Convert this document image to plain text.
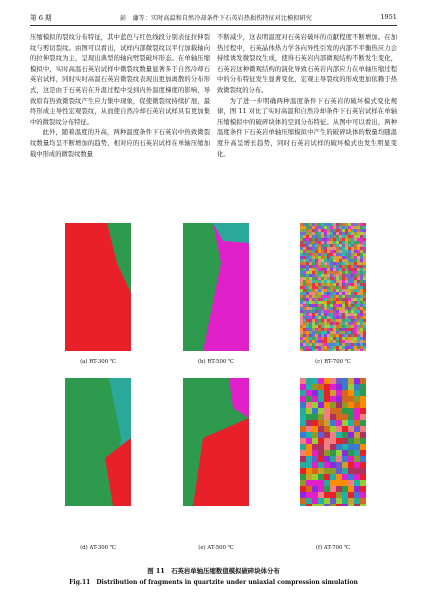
第 6 期	彭　瀟等：实时高温和自然冷却条件下石英岩热损伤特征对比模拟研究	1951

压缩模拟的裂纹分布特征，其中蓝色与红色线段分别表征拉伸裂纹与剪切裂纹。由图可以看出，试样内部微裂纹以平行加载轴向的拉伸裂纹为主，呈现出典型的轴向劈裂破坏形态。在单轴压缩模拟中，实时高温石英岩试样中微裂纹数量显著多于自然冷却石英岩试样，同时实时高温石英岩微裂纹表现出更加离散的分布形式，这是由于石英岩在升温过程中受到内外温度梯度的影响，导致原有热致微裂纹产生应力集中现象，促使微裂纹持续扩展，最终形成主导性宏观裂纹，从而使自然冷却石英岩试样具有更加集中的微裂纹分布特征。

此外，随着温度的升高，两种温度条件下石英岩中热致微裂纹数量均呈不断增加的趋势，相对应的石英岩试样在单轴压缩加载中形成的微裂纹数量

不断减少，这表明温度对石英岩破坏的贡献程度不断增加。在加热过程中，石英晶体热力学各向异性引发的内部不平衡热应力会持续诱发微裂纹生成，使得石英岩内部微观结构不断发生变化，石英岩这种微观结构的演化导致石英岩内部应力在单轴压缩过程中的分布特征发生显著变化，宏观主导裂纹的形成更加依赖于热致微裂纹的分布。

为了进一步明确两种温度条件下石英岩的破坏模式变化规律，图 11 对比了实时高温和自然冷却条件下石英岩试样在单轴压缩模拟中的破碎块体的空间分布特征。从图中可以看出，两种温度条件下石英岩单轴压缩模拟中产生的破碎块体的数量均随温度升高呈增长趋势，同时石英岩试样的破坏模式也发生明显变化。

(a) RT-300 ℃	(b) RT-500 ℃	(c) RT-700 ℃
(d) AT-300 ℃	(e) AT-500 ℃	(f) AT-700 ℃
图 11　石英岩单轴压缩数值模拟破碎块体分布
Fig.11　Distribution of fragments in quartzite under uniaxial compression simulation
